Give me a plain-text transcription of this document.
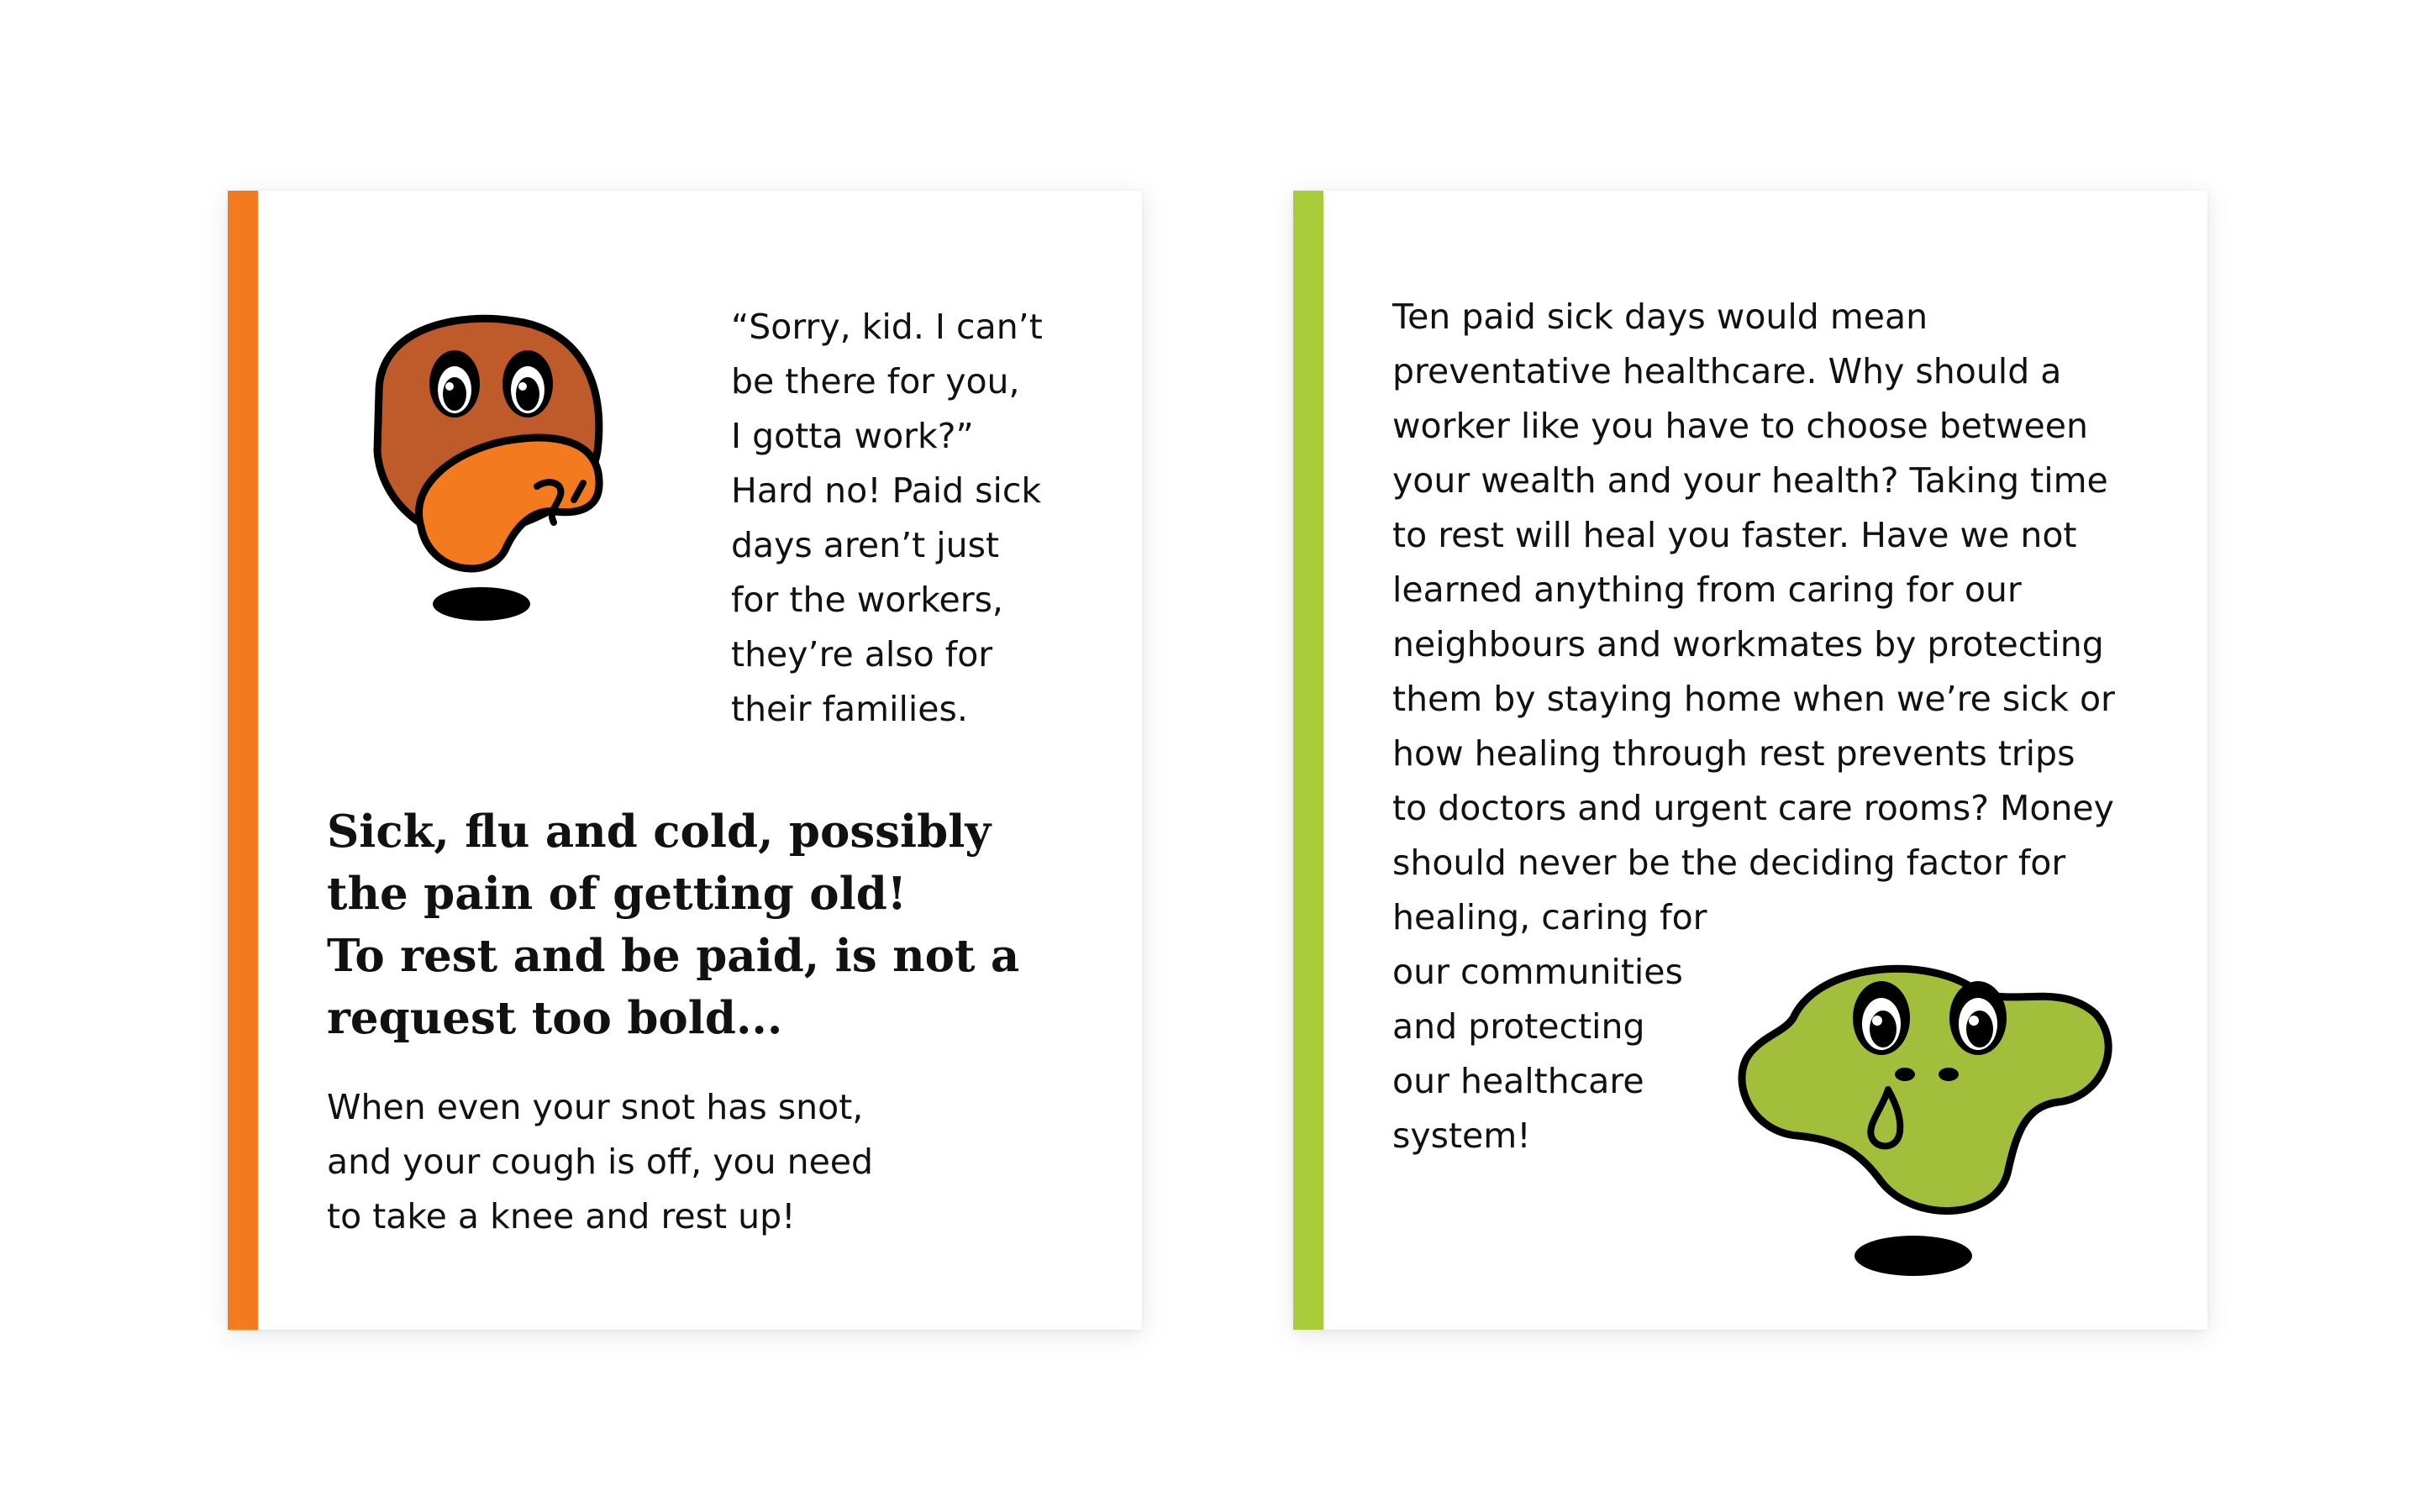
“Sorry, kid. I can’t
be there for you,
I gotta work?”
Hard no! Paid sick
days aren’t just
for the workers,
they’re also for
their families.

Sick, flu and cold, possibly
the pain of getting old!
To rest and be paid, is not a
request too bold...

When even your snot has snot,
and your cough is off, you need
to take a knee and rest up!

Ten paid sick days would mean
preventative healthcare. Why should a
worker like you have to choose between
your wealth and your health? Taking time
to rest will heal you faster. Have we not
learned anything from caring for our
neighbours and workmates by protecting
them by staying home when we’re sick or
how healing through rest prevents trips
to doctors and urgent care rooms? Money
should never be the deciding factor for
healing, caring for
our communities
and protecting
our healthcare
system!
